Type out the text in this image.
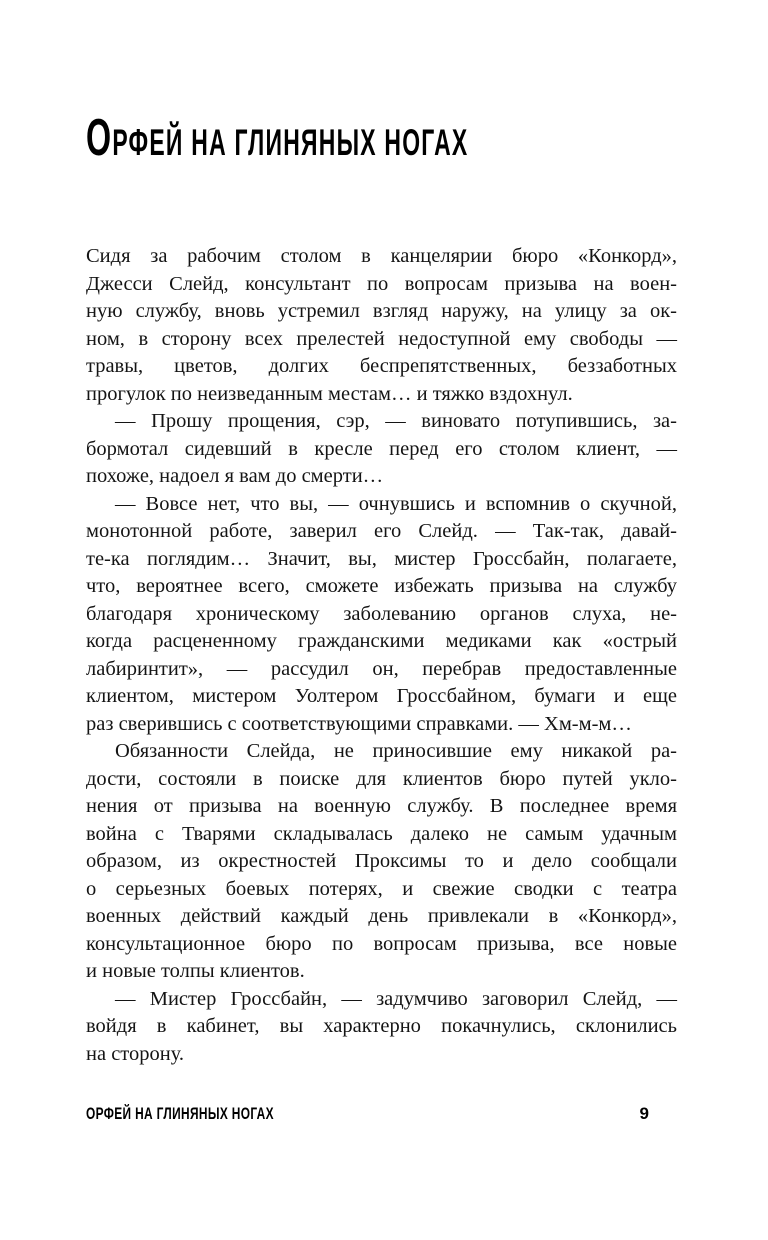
ОРФЕЙ НА ГЛИНЯНЫХ НОГАХ
Сидя за рабочим столом в канцелярии бюро «Конкорд»,
Джесси Слейд, консультант по вопросам призыва на воен-
ную службу, вновь устремил взгляд наружу, на улицу за ок-
ном, в сторону всех прелестей недоступной ему свободы —
травы, цветов, долгих беспрепятственных, беззаботных
прогулок по неизведанным местам… и тяжко вздохнул.
— Прошу прощения, сэр, — виновато потупившись, за-
бормотал сидевший в кресле перед его столом клиент, —
похоже, надоел я вам до смерти…
— Вовсе нет, что вы, — очнувшись и вспомнив о скучной,
монотонной работе, заверил его Слейд. — Так-так, давай-
те-ка поглядим… Значит, вы, мистер Гроссбайн, полагаете,
что, вероятнее всего, сможете избежать призыва на службу
благодаря хроническому заболеванию органов слуха, не-
когда расцененному гражданскими медиками как «острый
лабиринтит», — рассудил он, перебрав предоставленные
клиентом, мистером Уолтером Гроссбайном, бумаги и еще
раз сверившись с соответствующими справками. — Хм-м-м…
Обязанности Слейда, не приносившие ему никакой ра-
дости, состояли в поиске для клиентов бюро путей укло-
нения от призыва на военную службу. В последнее время
война с Тварями складывалась далеко не самым удачным
образом, из окрестностей Проксимы то и дело сообщали
о серьезных боевых потерях, и свежие сводки с театра
военных действий каждый день привлекали в «Конкорд»,
консультационное бюро по вопросам призыва, все новые
и новые толпы клиентов.
— Мистер Гроссбайн, — задумчиво заговорил Слейд, —
войдя в кабинет, вы характерно покачнулись, склонились
на сторону.
ОРФЕЙ НА ГЛИНЯНЫХ НОГАХ	9
